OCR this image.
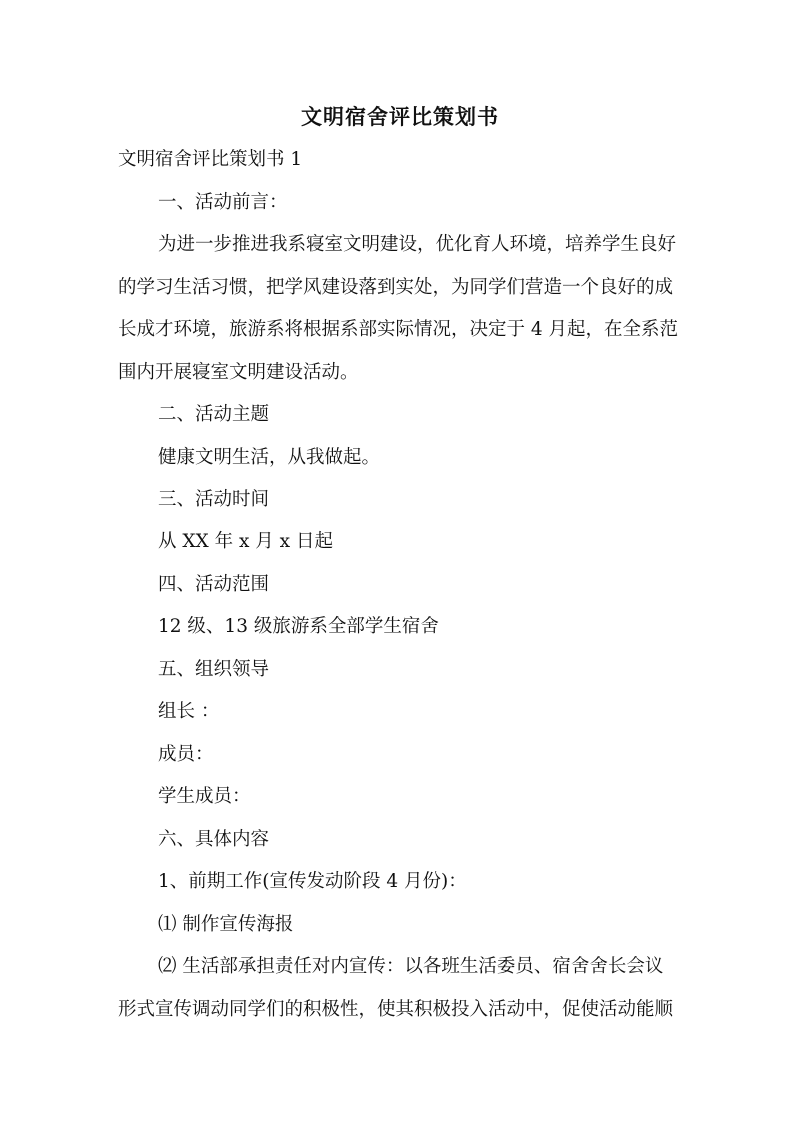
文明宿舍评比策划书
文明宿舍评比策划书 1
一、活动前言：
为进一步推进我系寝室文明建设，优化育人环境，培养学生良好
的学习生活习惯，把学风建设落到实处，为同学们营造一个良好的成
长成才环境，旅游系将根据系部实际情况，决定于 4 月起，在全系范
围内开展寝室文明建设活动。
二、活动主题
健康文明生活，从我做起。
三、活动时间
从 XX 年 x 月 x 日起
四、活动范围
12 级、13 级旅游系全部学生宿舍
五、组织领导
组长 ：
成员：
学生成员：
六、具体内容
1、前期工作(宣传发动阶段 4 月份)：
⑴ 制作宣传海报
⑵ 生活部承担责任对内宣传：以各班生活委员、宿舍舍长会议
形式宣传调动同学们的积极性，使其积极投入活动中，促使活动能顺
